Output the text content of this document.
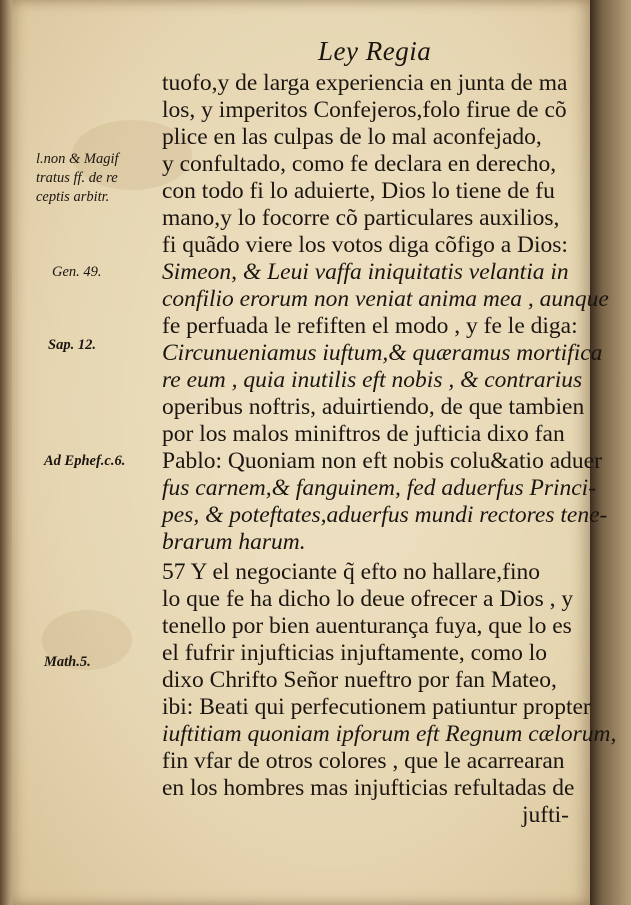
Ley Regia
tuofo,y de larga experiencia en junta de ma
los, y imperitos Confejeros,folo firue de cõ
plice en las culpas de lo mal aconfejado,
y confultado, como fe declara en derecho,
con todo fi lo aduierte, Dios lo tiene de fu
mano,y lo focorre cõ particulares auxilios,
fi quãdo viere los votos diga cõfigo a Dios:
Simeon, & Leui vaffa iniquitatis velantia in
confilio erorum non veniat anima mea , aunque
fe perfuada le refiften el modo , y fe le diga:
Circunueniamus iuftum,& quæramus mortifica
re eum , quia inutilis eft nobis , & contrarius
operibus noftris, aduirtiendo, de que tambien
por los malos miniftros de jufticia dixo fan
Pablo: Quoniam non eft nobis colu&atio aduer
fus carnem,& fanguinem, fed aduerfus Princi-
pes, & poteftates,aduerfus mundi rectores tene-
brarum harum.
57 Y el negociante q̃ efto no hallare,fino
lo que fe ha dicho lo deue ofrecer a Dios , y
tenello por bien auenturança fuya, que lo es
el fufrir injufticias injuftamente, como lo
dixo Chrifto Señor nueftro por fan Mateo,
ibi: Beati qui perfecutionem patiuntur propter
iuftitiam quoniam ipforum eft Regnum cælorum,
fin vfar de otros colores , que le acarrearan
en los hombres mas injufticias refultadas de
jufti-
l.non & Magif
tratus ff. de re
ceptis arbitr.
Gen. 49.
Sap. 12.
Ad Ephef.c.6.
Math.5.
